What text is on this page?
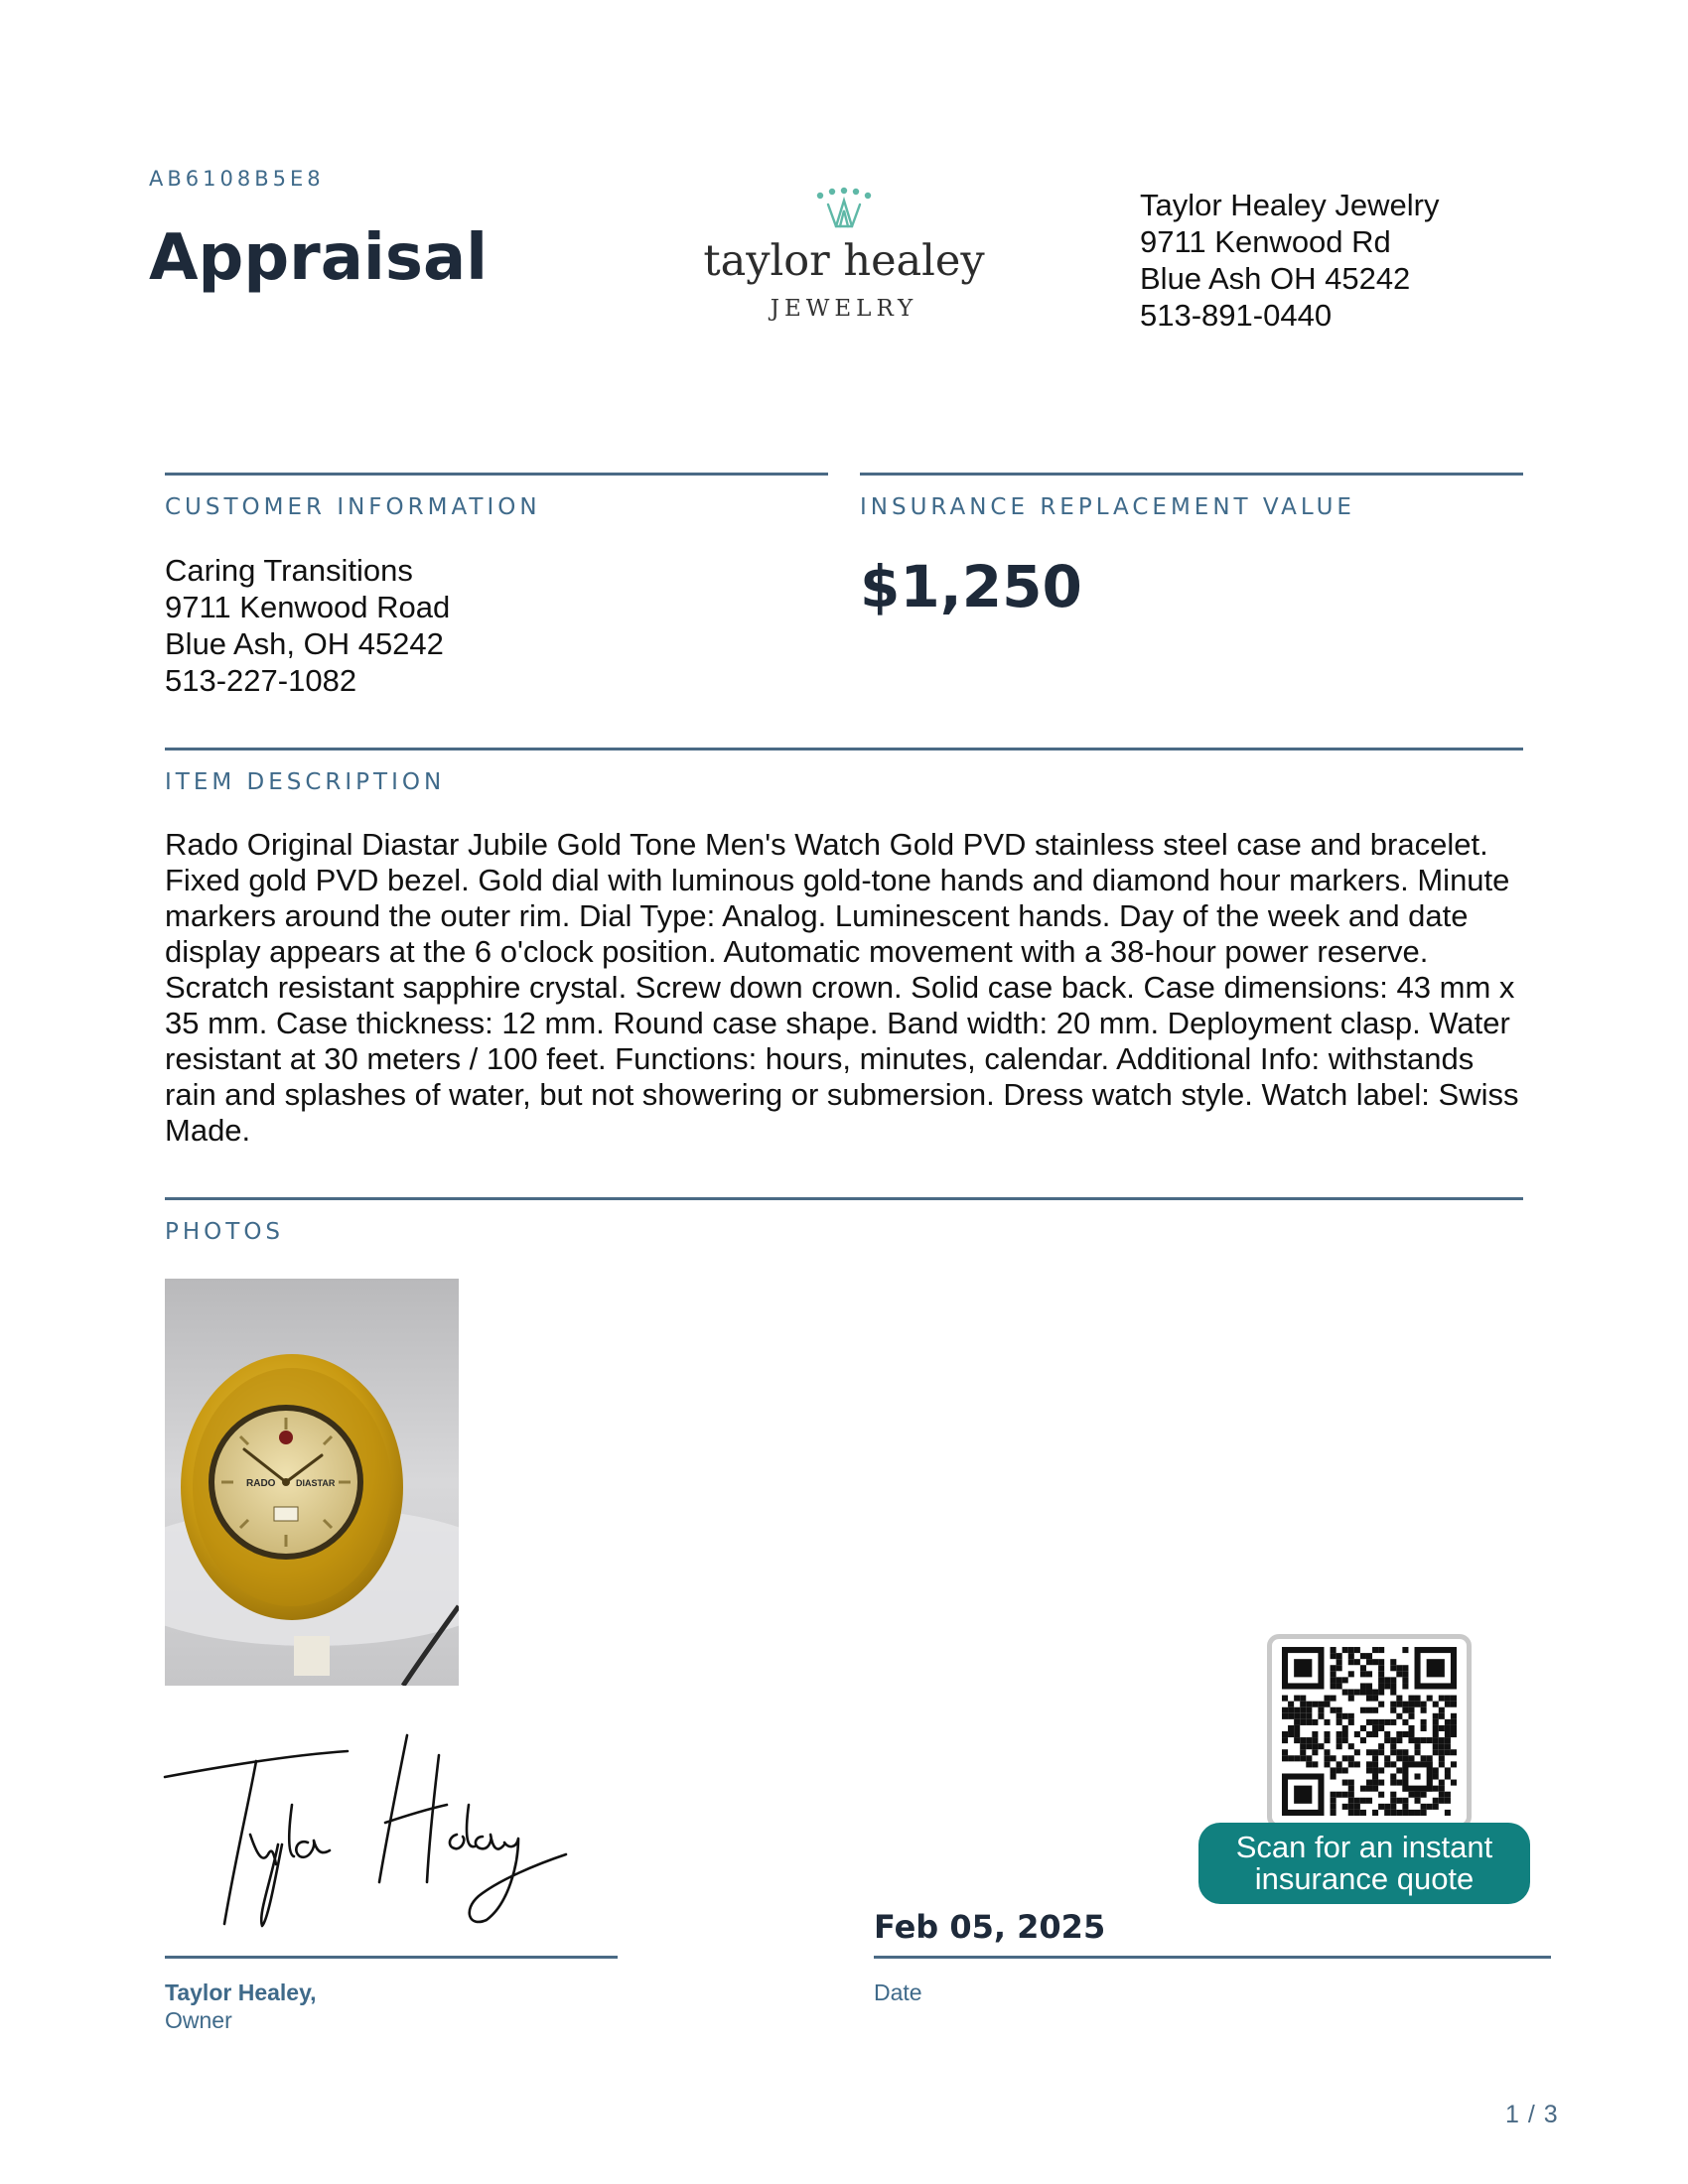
AB6108B5E8
Appraisal	taylor healey
JEWELRY
Taylor Healey Jewelry
9711 Kenwood Rd
Blue Ash OH 45242
513-891-0440
CUSTOMER INFORMATION	INSURANCE REPLACEMENT VALUE
Caring Transitions
9711 Kenwood Road
Blue Ash, OH 45242
513-227-1082
$1,250
ITEM DESCRIPTION
Rado Original Diastar Jubile Gold Tone Men's Watch Gold PVD stainless steel case and bracelet. Fixed gold PVD bezel. Gold dial with luminous gold-tone hands and diamond hour markers. Minute markers around the outer rim. Dial Type: Analog. Luminescent hands. Day of the week and date display appears at the 6 o'clock position. Automatic movement with a 38-hour power reserve. Scratch resistant sapphire crystal. Screw down crown. Solid case back. Case dimensions: 43 mm x 35 mm. Case thickness: 12 mm. Round case shape. Band width: 20 mm. Deployment clasp. Water resistant at 30 meters / 100 feet. Functions: hours, minutes, calendar. Additional Info: withstands rain and splashes of water, but not showering or submersion. Dress watch style. Watch label: Swiss Made.
PHOTOS
RADO DIASTAR
Taylor Healey,
Owner
Feb 05, 2025
Date
Scan for an instant
insurance quote
1 / 3
